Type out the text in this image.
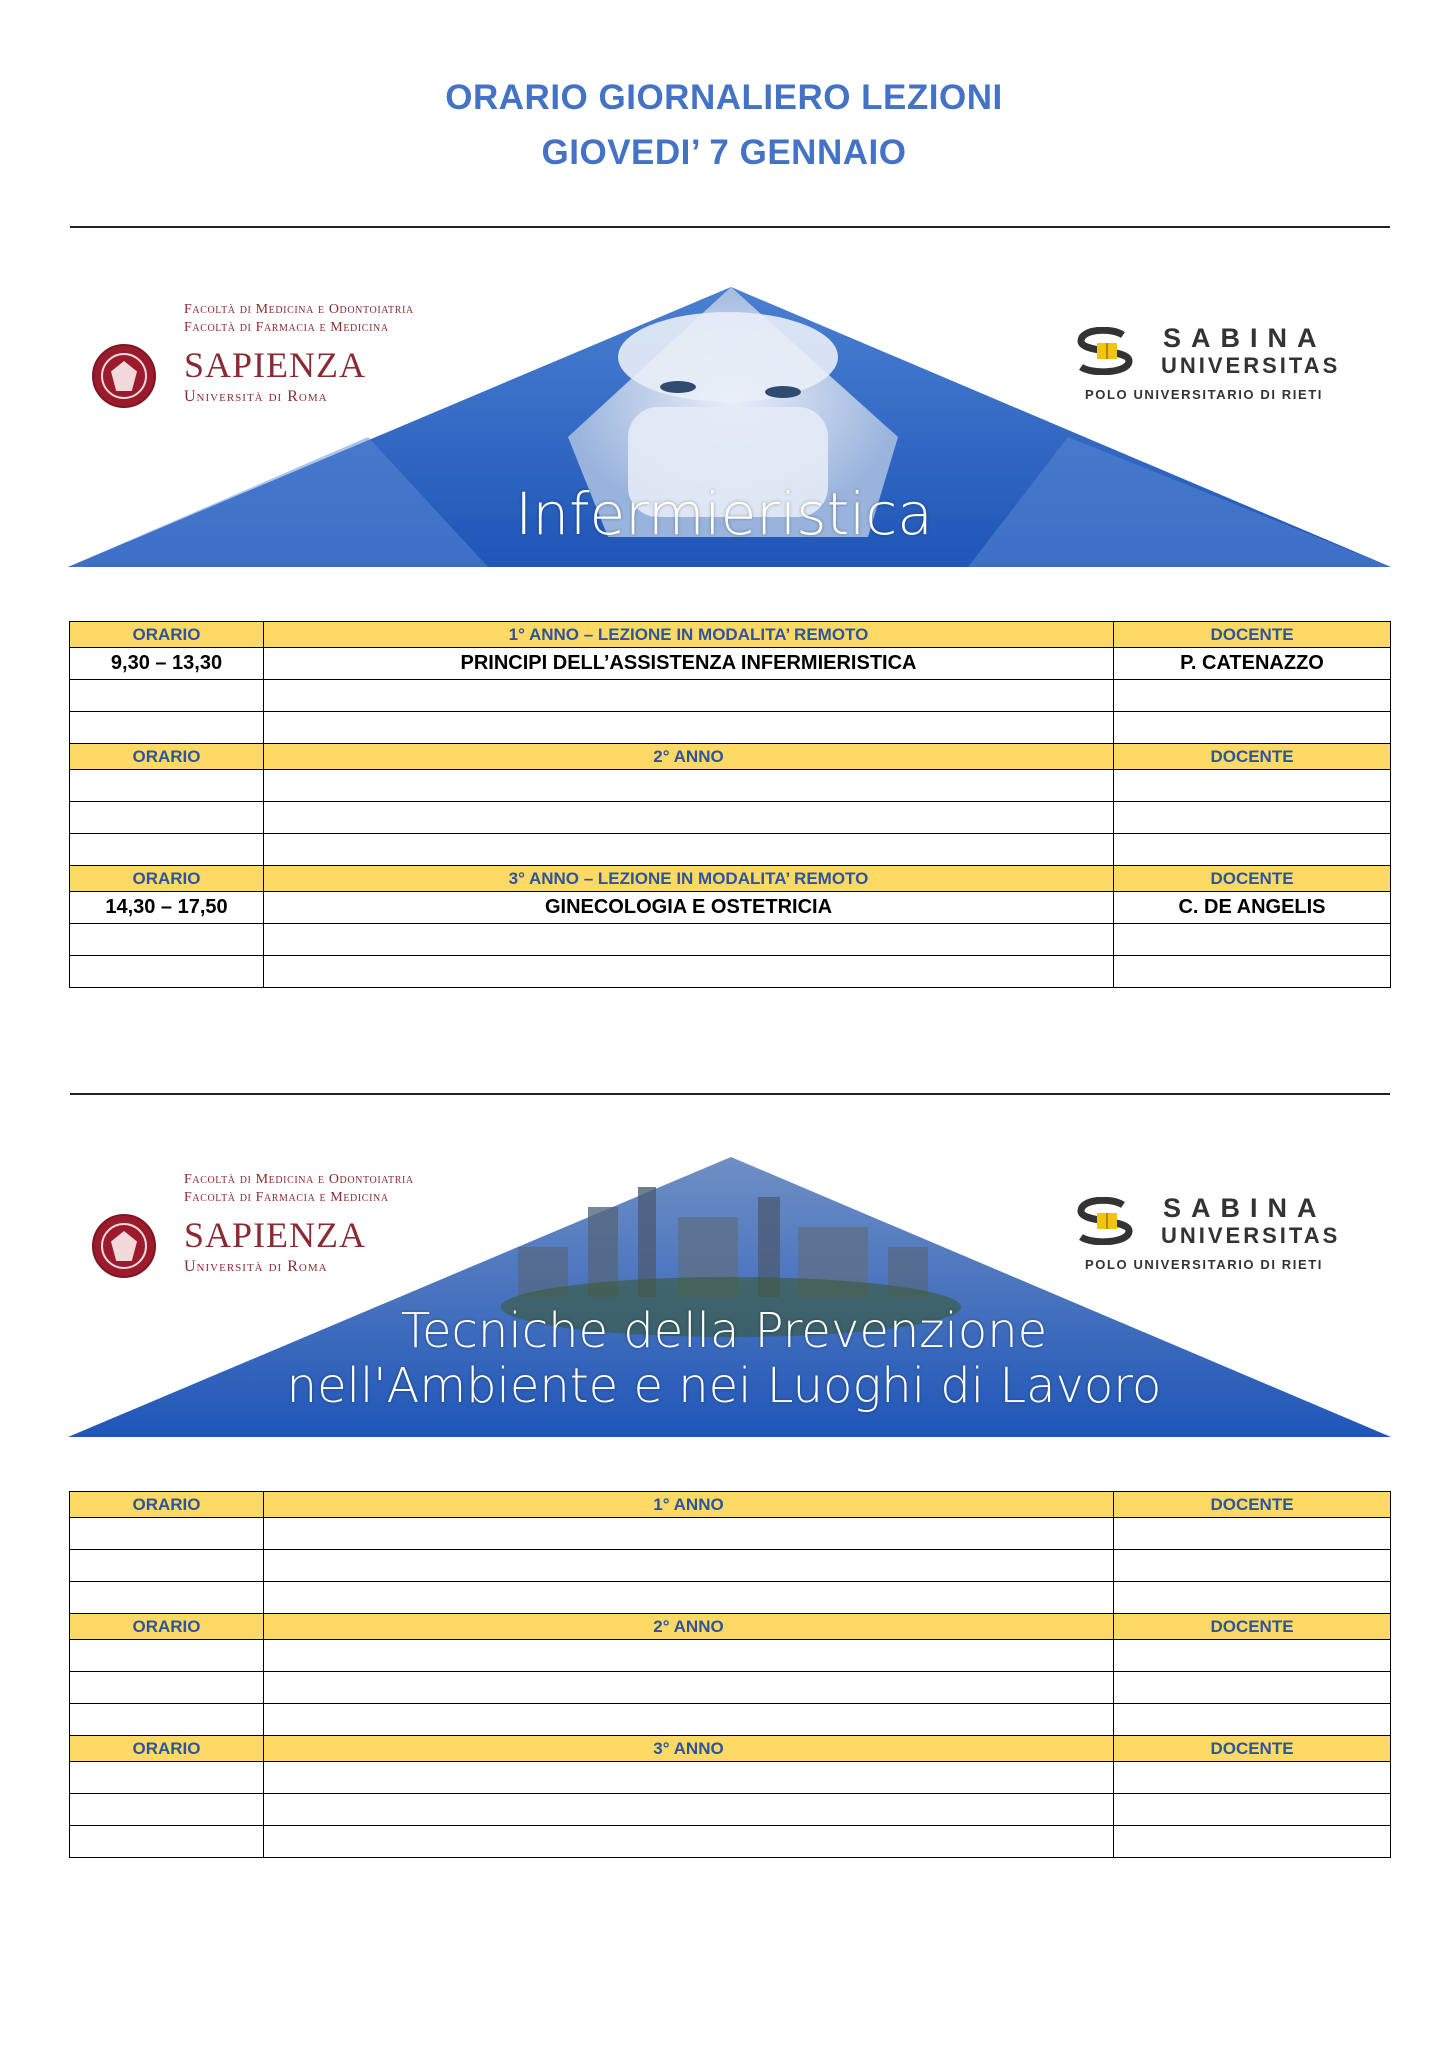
ORARIO GIORNALIERO LEZIONI
GIOVEDI’ 7 GENNAIO
Infermieristica
Facoltà di Medicina e Odontoiatria
Facoltà di Farmacia e Medicina
SAPIENZA
Università di Roma
SABINA
UNIVERSITAS
POLO UNIVERSITARIO DI RIETI
ORARIO	1° ANNO – LEZIONE IN MODALITA’ REMOTO	DOCENTE
9,30 – 13,30	PRINCIPI DELL’ASSISTENZA INFERMIERISTICA	P. CATENAZZO

ORARIO	2° ANNO	DOCENTE

ORARIO	3° ANNO – LEZIONE IN MODALITA’ REMOTO	DOCENTE
14,30 – 17,50	GINECOLOGIA E OSTETRICIA	C. DE ANGELIS

Tecniche della Prevenzione
nell'Ambiente e nei Luoghi di Lavoro
Facoltà di Medicina e Odontoiatria
Facoltà di Farmacia e Medicina
SAPIENZA
Università di Roma
SABINA
UNIVERSITAS
POLO UNIVERSITARIO DI RIETI
ORARIO	1° ANNO	DOCENTE

ORARIO	2° ANNO	DOCENTE

ORARIO	3° ANNO	DOCENTE
